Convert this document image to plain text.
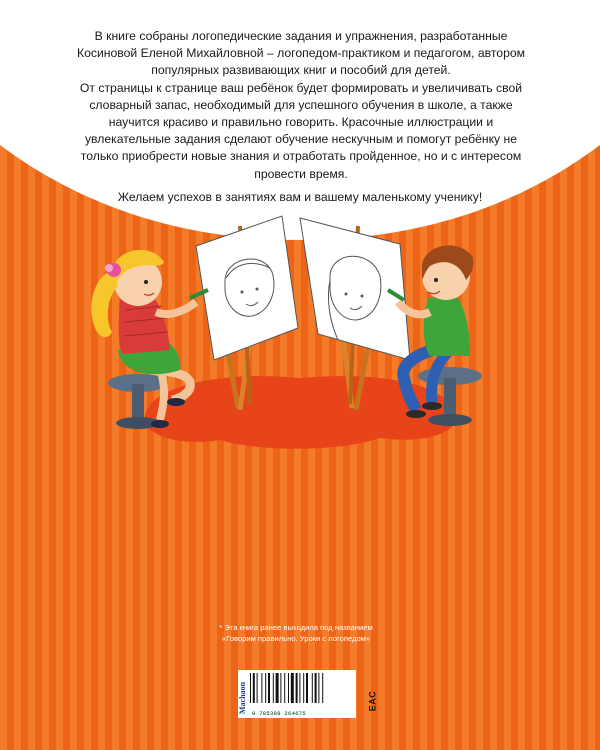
В книге собраны логопедические задания и упражнения, разработанные Косиновой Еленой Михайловной – логопедом-практиком и педагогом, автором популярных развивающих книг и пособий для детей.

От страницы к странице ваш ребёнок будет формировать и увеличивать свой словарный запас, необходимый для успешного обучения в школе, а также научится красиво и правильно говорить. Красочные иллюстрации и увлекательные задания сделают обучение нескучным и помогут ребёнку не только приобрести новые знания и отработать пройденное, но и с интересом провести время.

Желаем успехов в занятиях вам и вашему маленькому ученику!

* Эта книга ранее выходила под названием
«Говорим правильно. Уроки с логопедом»
Machaon 9 785389 264675
EAC
